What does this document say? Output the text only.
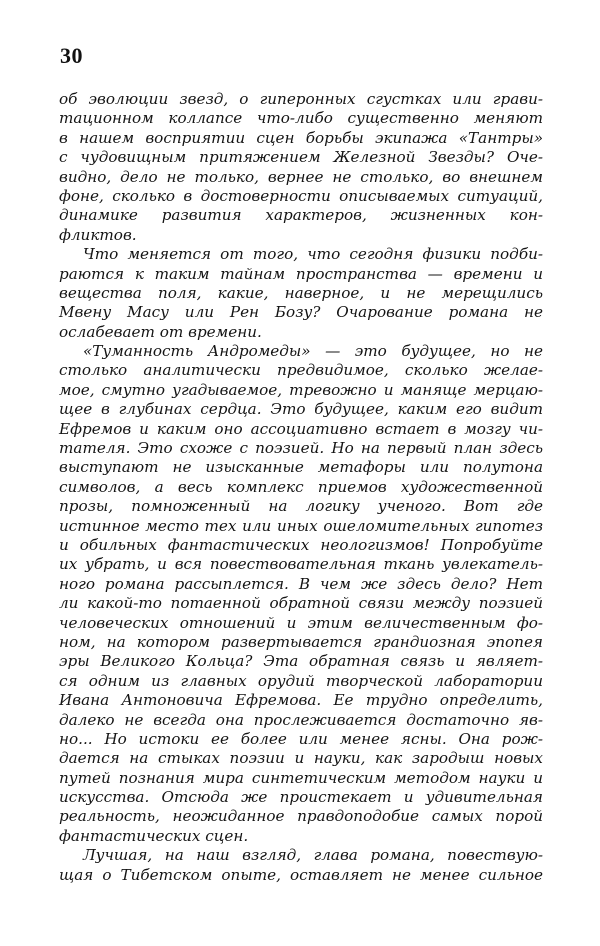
30
об эволюции звезд, о гиперонных сгустках или грави-
тационном коллапсе что-либо существенно меняют
в нашем восприятии сцен борьбы экипажа «Тантры»
с чудовищным притяжением Железной Звезды? Оче-
видно, дело не только, вернее не столько, во внешнем
фоне, сколько в достоверности описываемых ситуаций,
динамике развития характеров, жизненных кон-
фликтов.
Что меняется от того, что сегодня физики подби-
раются к таким тайнам пространства — времени и
вещества поля, какие, наверное, и не мерещились
Мвену Масу или Рен Бозу? Очарование романа не
ослабевает от времени.
«Туманность Андромеды» — это будущее, но не
столько аналитически предвидимое, сколько желае-
мое, смутно угадываемое, тревожно и маняще мерцаю-
щее в глубинах сердца. Это будущее, каким его видит
Ефремов и каким оно ассоциативно встает в мозгу чи-
тателя. Это схоже с поэзией. Но на первый план здесь
выступают не изысканные метафоры или полутона
символов, а весь комплекс приемов художественной
прозы, помноженный на логику ученого. Вот где
истинное место тех или иных ошеломительных гипотез
и обильных фантастических неологизмов! Попробуйте
их убрать, и вся повествовательная ткань увлекатель-
ного романа рассыплется. В чем же здесь дело? Нет
ли какой-то потаенной обратной связи между поэзией
человеческих отношений и этим величественным фо-
ном, на котором развертывается грандиозная эпопея
эры Великого Кольца? Эта обратная связь и являет-
ся одним из главных орудий творческой лаборатории
Ивана Антоновича Ефремова. Ее трудно определить,
далеко не всегда она прослеживается достаточно яв-
но... Но истоки ее более или менее ясны. Она рож-
дается на стыках поэзии и науки, как зародыш новых
путей познания мира синтетическим методом науки и
искусства. Отсюда же проистекает и удивительная
реальность, неожиданное правдоподобие самых порой
фантастических сцен.
Лучшая, на наш взгляд, глава романа, повествую-
щая о Тибетском опыте, оставляет не менее сильное
